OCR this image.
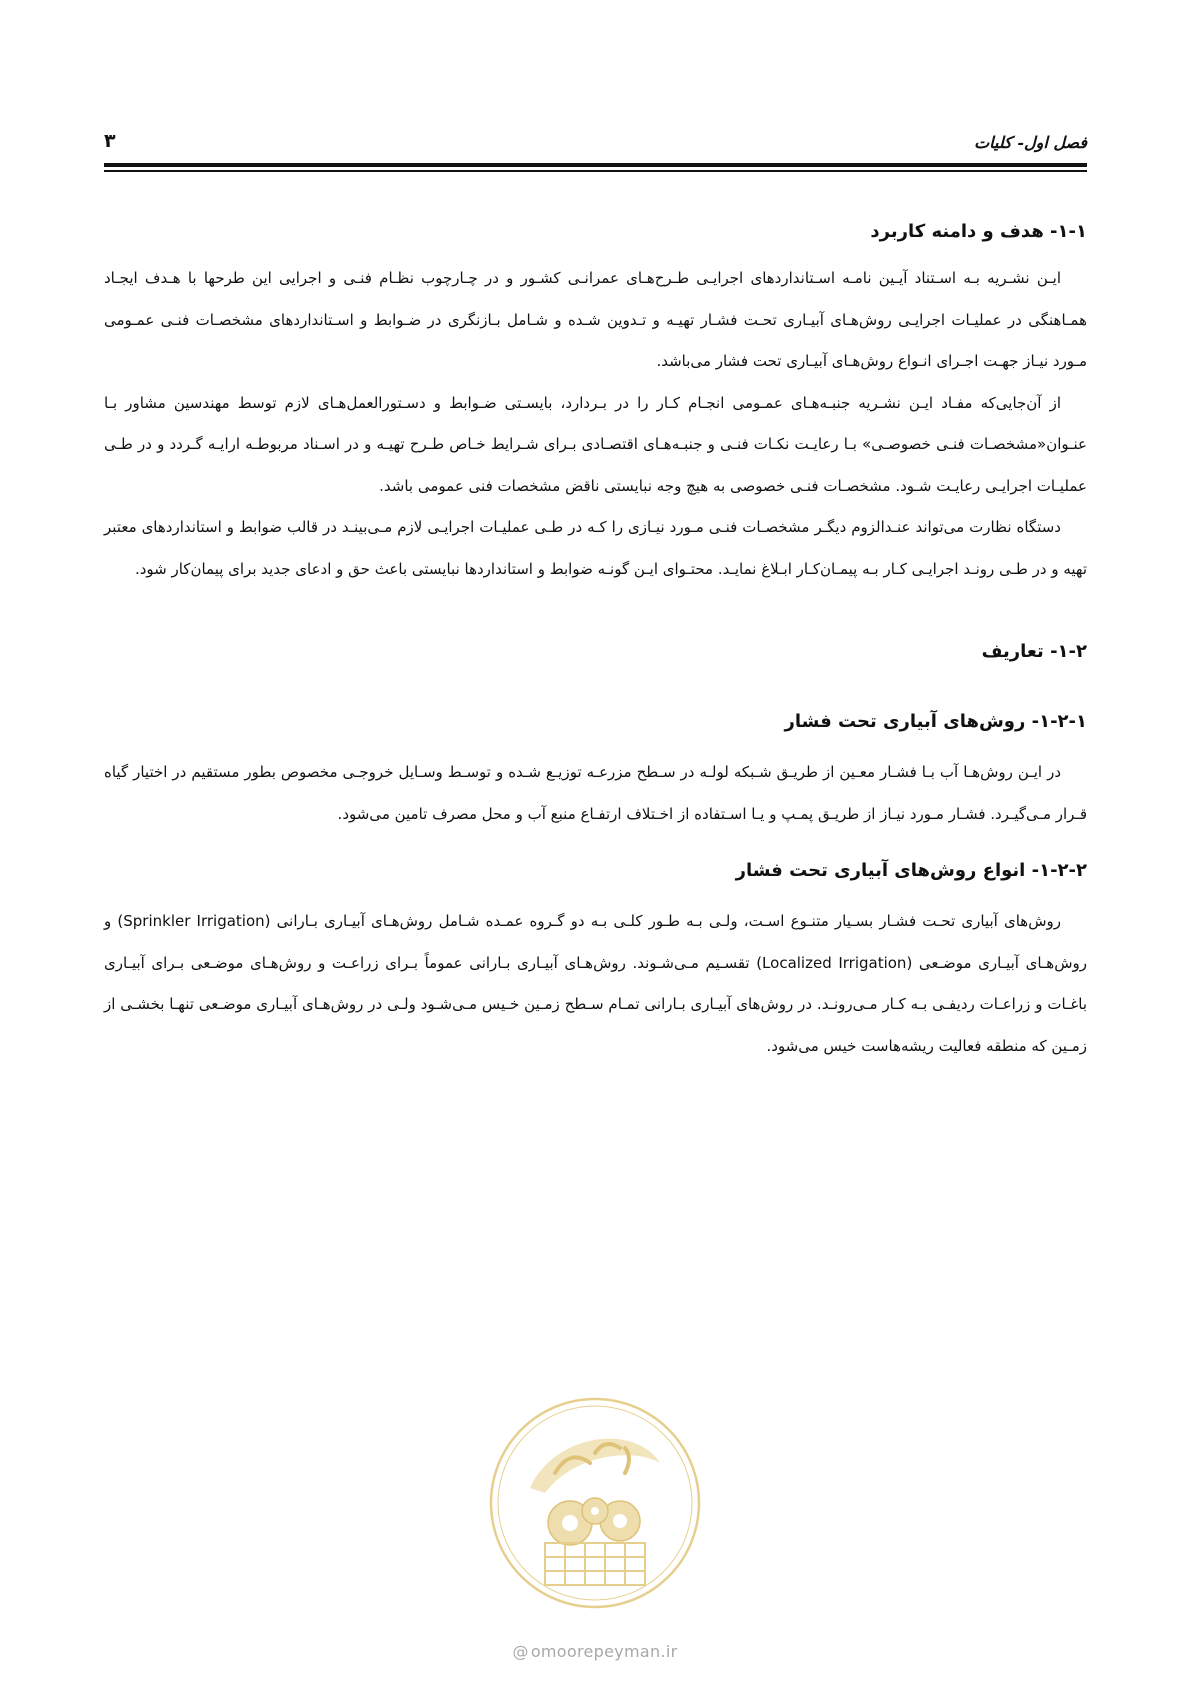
فصل اول- کلیات
۳
۱-۱- هدف و دامنه کاربرد

ایـن نشـریه بـه اسـتناد آیـین نامـه اسـتانداردهای اجرایـی طـرح‌هـای عمرانـی کشـور و در چـارچوب نظـام فنـی و اجرایی این طرحها با هـدف ایجـاد همـاهنگی در عملیـات اجرایـی روش‌هـای آبیـاری تحـت فشـار تهیـه و تـدوین شـده و شـامل بـازنگری در ضـوابط و اسـتانداردهای مشخصـات فنـی عمـومی مـورد نیـاز جهـت اجـرای انـواع روش‌هـای آبیـاری تحت فشار می‌باشد.

از آن‌جایی‌که مفـاد ایـن نشـریه جنبـه‌هـای عمـومی انجـام کـار را در بـردارد، بایسـتی ضـوابط و دسـتورالعمل‌هـای لازم توسط مهندسین مشاور بـا عنـوان«مشخصـات فنـی خصوصـی» بـا رعایـت نکـات فنـی و جنبـه‌هـای اقتصـادی بـرای شـرایط خـاص طـرح تهیـه و در اسـناد مربوطـه ارایـه گـردد و در طـی عملیـات اجرایـی رعایـت شـود. مشخصـات فنـی خصوصی به هیچ وجه نبایستی ناقض مشخصات فنی عمومی باشد.

دستگاه نظارت می‌تواند عنـدالزوم دیگـر مشخصـات فنـی مـورد نیـازی را کـه در طـی عملیـات اجرایـی لازم مـی‌بینـد در قالب ضوابط و استانداردهای معتبر تهیه و در طـی رونـد اجرایـی کـار بـه پیمـان‌کـار ابـلاغ نمایـد. محتـوای ایـن گونـه ضوابط و استانداردها نبایستی باعث حق و ادعای جدید برای پیمان‌کار شود.

۱-۲- تعاریف
۱-۲-۱- روش‌های آبیاری تحت فشار

در ایـن روش‌هـا آب بـا فشـار معـین از طریـق شـبکه لولـه در سـطح مزرعـه توزیـع شـده و توسـط وسـایل خروجـی مخصوص بطور مستقیم در اختیار گیاه قـرار مـی‌گیـرد. فشـار مـورد نیـاز از طریـق پمـپ و یـا اسـتفاده از اخـتلاف ارتفـاع منبع آب و محل مصرف تامین می‌شود.

۱-۲-۲- انواع روش‌های آبیاری تحت فشار

روش‌های آبیاری تحـت فشـار بسـیار متنـوع اسـت، ولـی بـه طـور کلـی بـه دو گـروه عمـده شـامل روش‌هـای آبیـاری بـارانی (Sprinkler Irrigation) و روش‌هـای آبیـاری موضـعی (Localized Irrigation) تقسـیم مـی‌شـوند. روش‌هـای آبیـاری بـارانی عموماً بـرای زراعـت و روش‌هـای موضـعی بـرای آبیـاری باغـات و زراعـات ردیفـی بـه کـار مـی‌رونـد. در روش‌های آبیـاری بـارانی تمـام سـطح زمـین خـیس مـی‌شـود ولـی در روش‌هـای آبیـاری موضـعی تنهـا بخشـی از زمـین که منطقه فعالیت ریشه‌هاست خیس می‌شود.

@ omoorepeyman.ir
